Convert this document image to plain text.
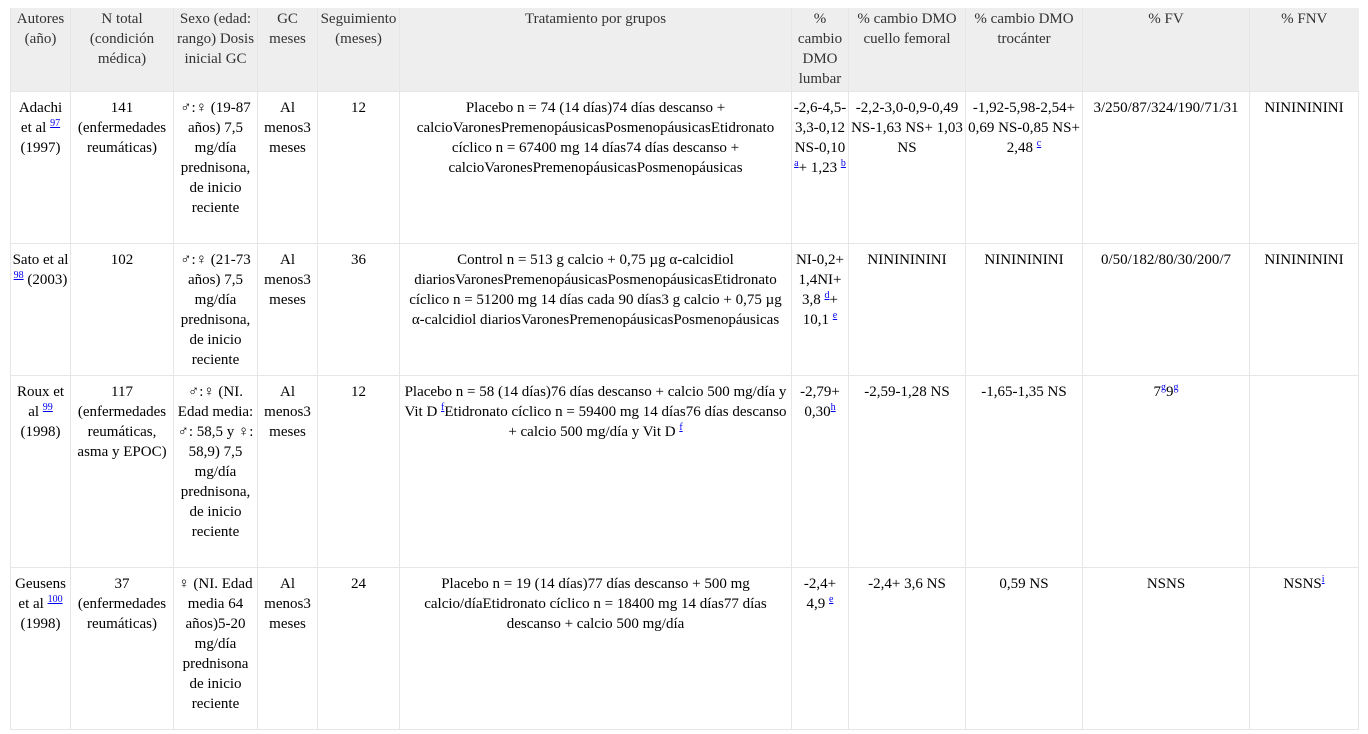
Autores (año)	N total (condición médica)	Sexo (edad: rango) Dosis inicial GC	GC meses	Seguimiento (meses)	Tratamiento por grupos	% cambio DMO lumbar	% cambio DMO cuello femoral	% cambio DMO trocánter	% FV	% FNV
Adachi et al $^{97}$ (1997)	141 (enfermedades reumáticas)	♂:♀ (19-87 años) 7,5 mg/día prednisona, de inicio reciente	Al menos3 meses	12	Placebo n = 74 (14 días)74 días descanso + calcioVaronesPremenopáusicasPosmenopáusicasEtidronato cíclico n = 67400 mg 14 días74 días descanso + calcioVaronesPremenopáusicasPosmenopáusicas	-2,6-4,5-3,3-0,12 NS-0,10 $^a$+ 1,23 $^b$	-2,2-3,0-0,9-0,49 NS-1,63 NS+ 1,03 NS	-1,92-5,98-2,54+ 0,69 NS-0,85 NS+ 2,48 $^c$	3/250/87/324/190/71/31	NININININI
Sato et al $^{98}$ (2003)	102	♂:♀ (21-73 años) 7,5 mg/día prednisona, de inicio reciente	Al menos3 meses	36	Control n = 513 g calcio + 0,75 µg α-calcidiol diariosVaronesPremenopáusicasPosmenopáusicasEtidronato cíclico n = 51200 mg 14 días cada 90 días3 g calcio + 0,75 µg α-calcidiol diariosVaronesPremenopáusicasPosmenopáusicas	NI-0,2+ 1,4NI+ 3,8 $^d$+ 10,1 $^e$	NININININI	NININININI	0/50/182/80/30/200/7	NININININI
Roux et al $^{99}$ (1998)	117 (enfermedades reumáticas, asma y EPOC)	♂:♀ (NI. Edad media: ♂: 58,5 y ♀: 58,9) 7,5 mg/día prednisona, de inicio reciente	Al menos3 meses	12	Placebo n = 58 (14 días)76 días descanso + calcio 500 mg/día y Vit D $^f$Etidronato cíclico n = 59400 mg 14 días76 días descanso + calcio 500 mg/día y Vit D $^f$	-2,79+ 0,30$^h$	-2,59-1,28 NS	-1,65-1,35 NS	7$^g$9$^g$	
Geusens et al $^{100}$ (1998)	37 (enfermedades reumáticas)	♀ (NI. Edad media 64 años)5-20 mg/día prednisona de inicio reciente	Al menos3 meses	24	Placebo n = 19 (14 días)77 días descanso + 500 mg calcio/díaEtidronato cíclico n = 18400 mg 14 días77 días descanso + calcio 500 mg/día	-2,4+ 4,9 $^e$	-2,4+ 3,6 NS	0,59 NS	NSNS	NSNS$^i$
